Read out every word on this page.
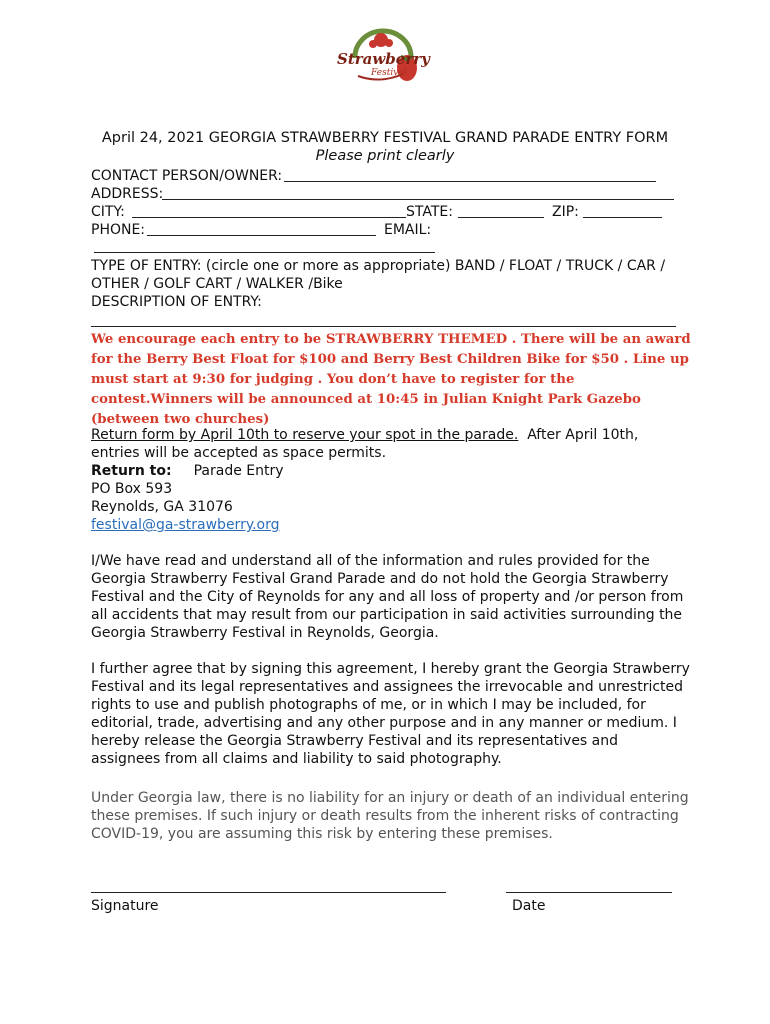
Strawberry
Festival
April 24, 2021 GEORGIA STRAWBERRY FESTIVAL GRAND PARADE ENTRY FORM
Please print clearly
CONTACT PERSON/OWNER:
ADDRESS:
CITY:	STATE:	ZIP:
PHONE:	EMAIL:
TYPE OF ENTRY: (circle one or more as appropriate) BAND / FLOAT / TRUCK / CAR /
OTHER / GOLF CART / WALKER /Bike
DESCRIPTION OF ENTRY:
We encourage each entry to be STRAWBERRY THEMED . There will be an award for the Berry Best Float for $100 and Berry Best Children Bike for $50 . Line up must start at 9:30 for judging . You don’t have to register for the contest.Winners will be announced at 10:45 in Julian Knight Park Gazebo (between two churches)
Return form by April 10th to reserve your spot in the parade. After April 10th,
entries will be accepted as space permits.
Return to: Parade Entry
PO Box 593
Reynolds, GA 31076
festival@ga-strawberry.org
I/We have read and understand all of the information and rules provided for the Georgia Strawberry Festival Grand Parade and do not hold the Georgia Strawberry Festival and the City of Reynolds for any and all loss of property and /or person from all accidents that may result from our participation in said activities surrounding the Georgia Strawberry Festival in Reynolds, Georgia.
I further agree that by signing this agreement, I hereby grant the Georgia Strawberry Festival and its legal representatives and assignees the irrevocable and unrestricted rights to use and publish photographs of me, or in which I may be included, for editorial, trade, advertising and any other purpose and in any manner or medium. I hereby release the Georgia Strawberry Festival and its representatives and assignees from all claims and liability to said photography.
Under Georgia law, there is no liability for an injury or death of an individual entering these premises. If such injury or death results from the inherent risks of contracting COVID-19, you are assuming this risk by entering these premises.
Signature	Date
